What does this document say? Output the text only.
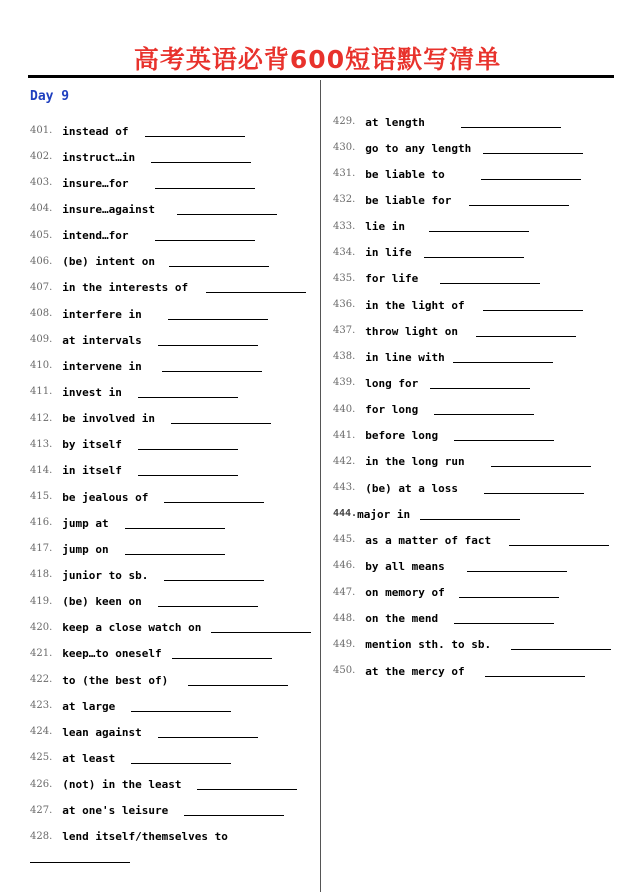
高考英语必背600短语默写清单
Day 9
401. instead of
402. instruct…in
403. insure…for
404. insure…against
405. intend…for
406. (be) intent on
407. in the interests of
408. interfere in
409. at intervals
410. intervene in
411. invest in
412. be involved in
413. by itself
414. in itself
415. be jealous of
416. jump at
417. jump on
418. junior to sb.
419. (be) keen on
420. keep a close watch on
421. keep…to oneself
422. to (the best of)
423. at large
424. lean against
425. at least
426. (not) in the least
427. at one's leisure
428. lend itself/themselves to
429. at length
430. go to any length
431. be liable to
432. be liable for
433. lie in
434. in life
435. for life
436. in the light of
437. throw light on
438. in line with
439. long for
440. for long
441. before long
442. in the long run
443. (be) at a loss
444. major in
445. as a matter of fact
446. by all means
447. on memory of
448. on the mend
449. mention sth. to sb.
450. at the mercy of
